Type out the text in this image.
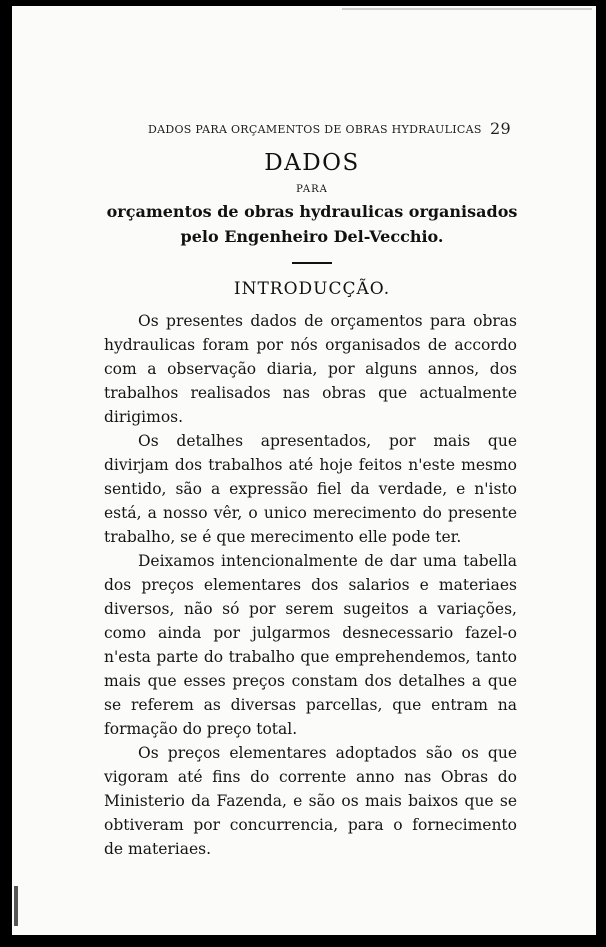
DADOS PARA ORÇAMENTOS DE OBRAS HYDRAULICAS 29
DADOS
PARA
orçamentos de obras hydraulicas organisados
pelo Engenheiro Del-Vecchio.
INTRODUCÇÃO.

Os presentes dados de orçamentos para obras hydraulicas foram por nós organisados de accordo com a observação diaria, por alguns annos, dos trabalhos realisados nas obras que actualmente dirigimos.

Os detalhes apresentados, por mais que divirjam dos trabalhos até hoje feitos n'este mesmo sentido, são a expressão fiel da verdade, e n'isto está, a nosso vêr, o unico merecimento do presente trabalho, se é que merecimento elle pode ter.

Deixamos intencionalmente de dar uma tabella dos preços elementares dos salarios e materiaes diversos, não só por serem sugeitos a variações, como ainda por julgarmos desnecessario fazel-o n'esta parte do trabalho que emprehendemos, tanto mais que esses preços constam dos detalhes a que se referem as diversas parcellas, que entram na formação do preço total.

Os preços elementares adoptados são os que vigoram até fins do corrente anno nas Obras do Ministerio da Fazenda, e são os mais baixos que se obtiveram por concurrencia, para o fornecimento de materiaes.
